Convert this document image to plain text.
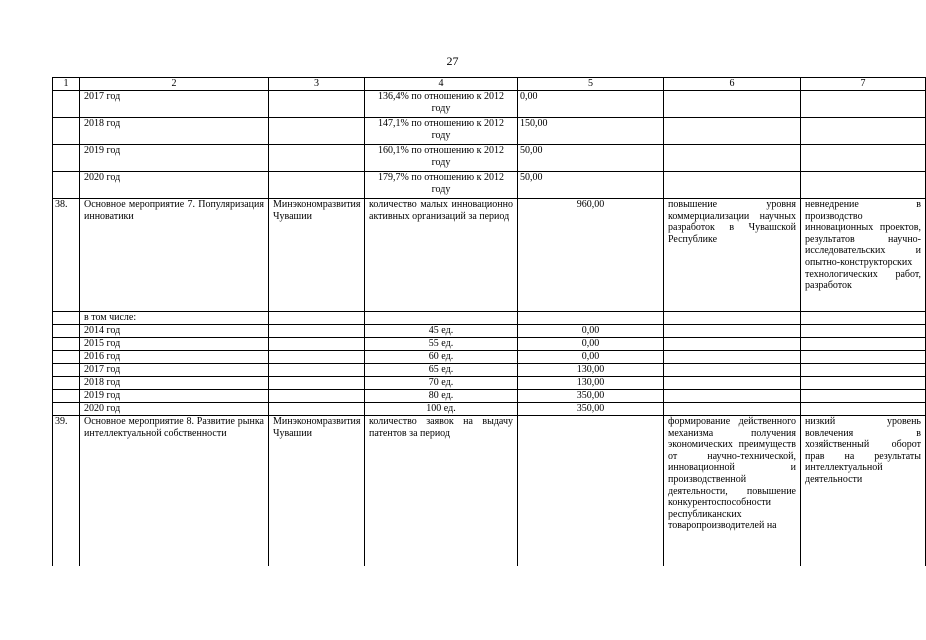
27
1	2	3	4	5	6	7
	2017 год		136,4% по отношению к 2012 году	0,00		
	2018 год		147,1% по отношению к 2012 году	150,00		
	2019 год		160,1% по отношению к 2012 году	50,00		
	2020 год		179,7% по отношению к 2012 году	50,00		
38.	Основное мероприятие 7. Популяризация инноватики	Минэкономразвития Чувашии	количество малых инновационно активных организаций за период	960,00	повышение уровня коммерциализации научных разработок в Чувашской Республике	невнедрение в производство инновационных проектов, результатов научно-исследовательских и опытно-конструкторских технологических работ, разработок
	в том числе:					
	2014 год		45 ед.	0,00		
	2015 год		55 ед.	0,00		
	2016 год		60 ед.	0,00		
	2017 год		65 ед.	130,00		
	2018 год		70 ед.	130,00		
	2019 год		80 ед.	350,00		
	2020 год		100 ед.	350,00		
39.	Основное мероприятие 8. Развитие рынка интеллектуальной собственности	Минэкономразвития Чувашии	количество заявок на выдачу патентов за период		формирование действенного механизма получения экономических преимуществ от научно-технической, инновационной и производственной деятельности, повышение конкурентоспособности республиканских товаропроизводителей на	низкий уровень вовлечения в хозяйственный оборот прав на результаты интеллектуальной деятельности
